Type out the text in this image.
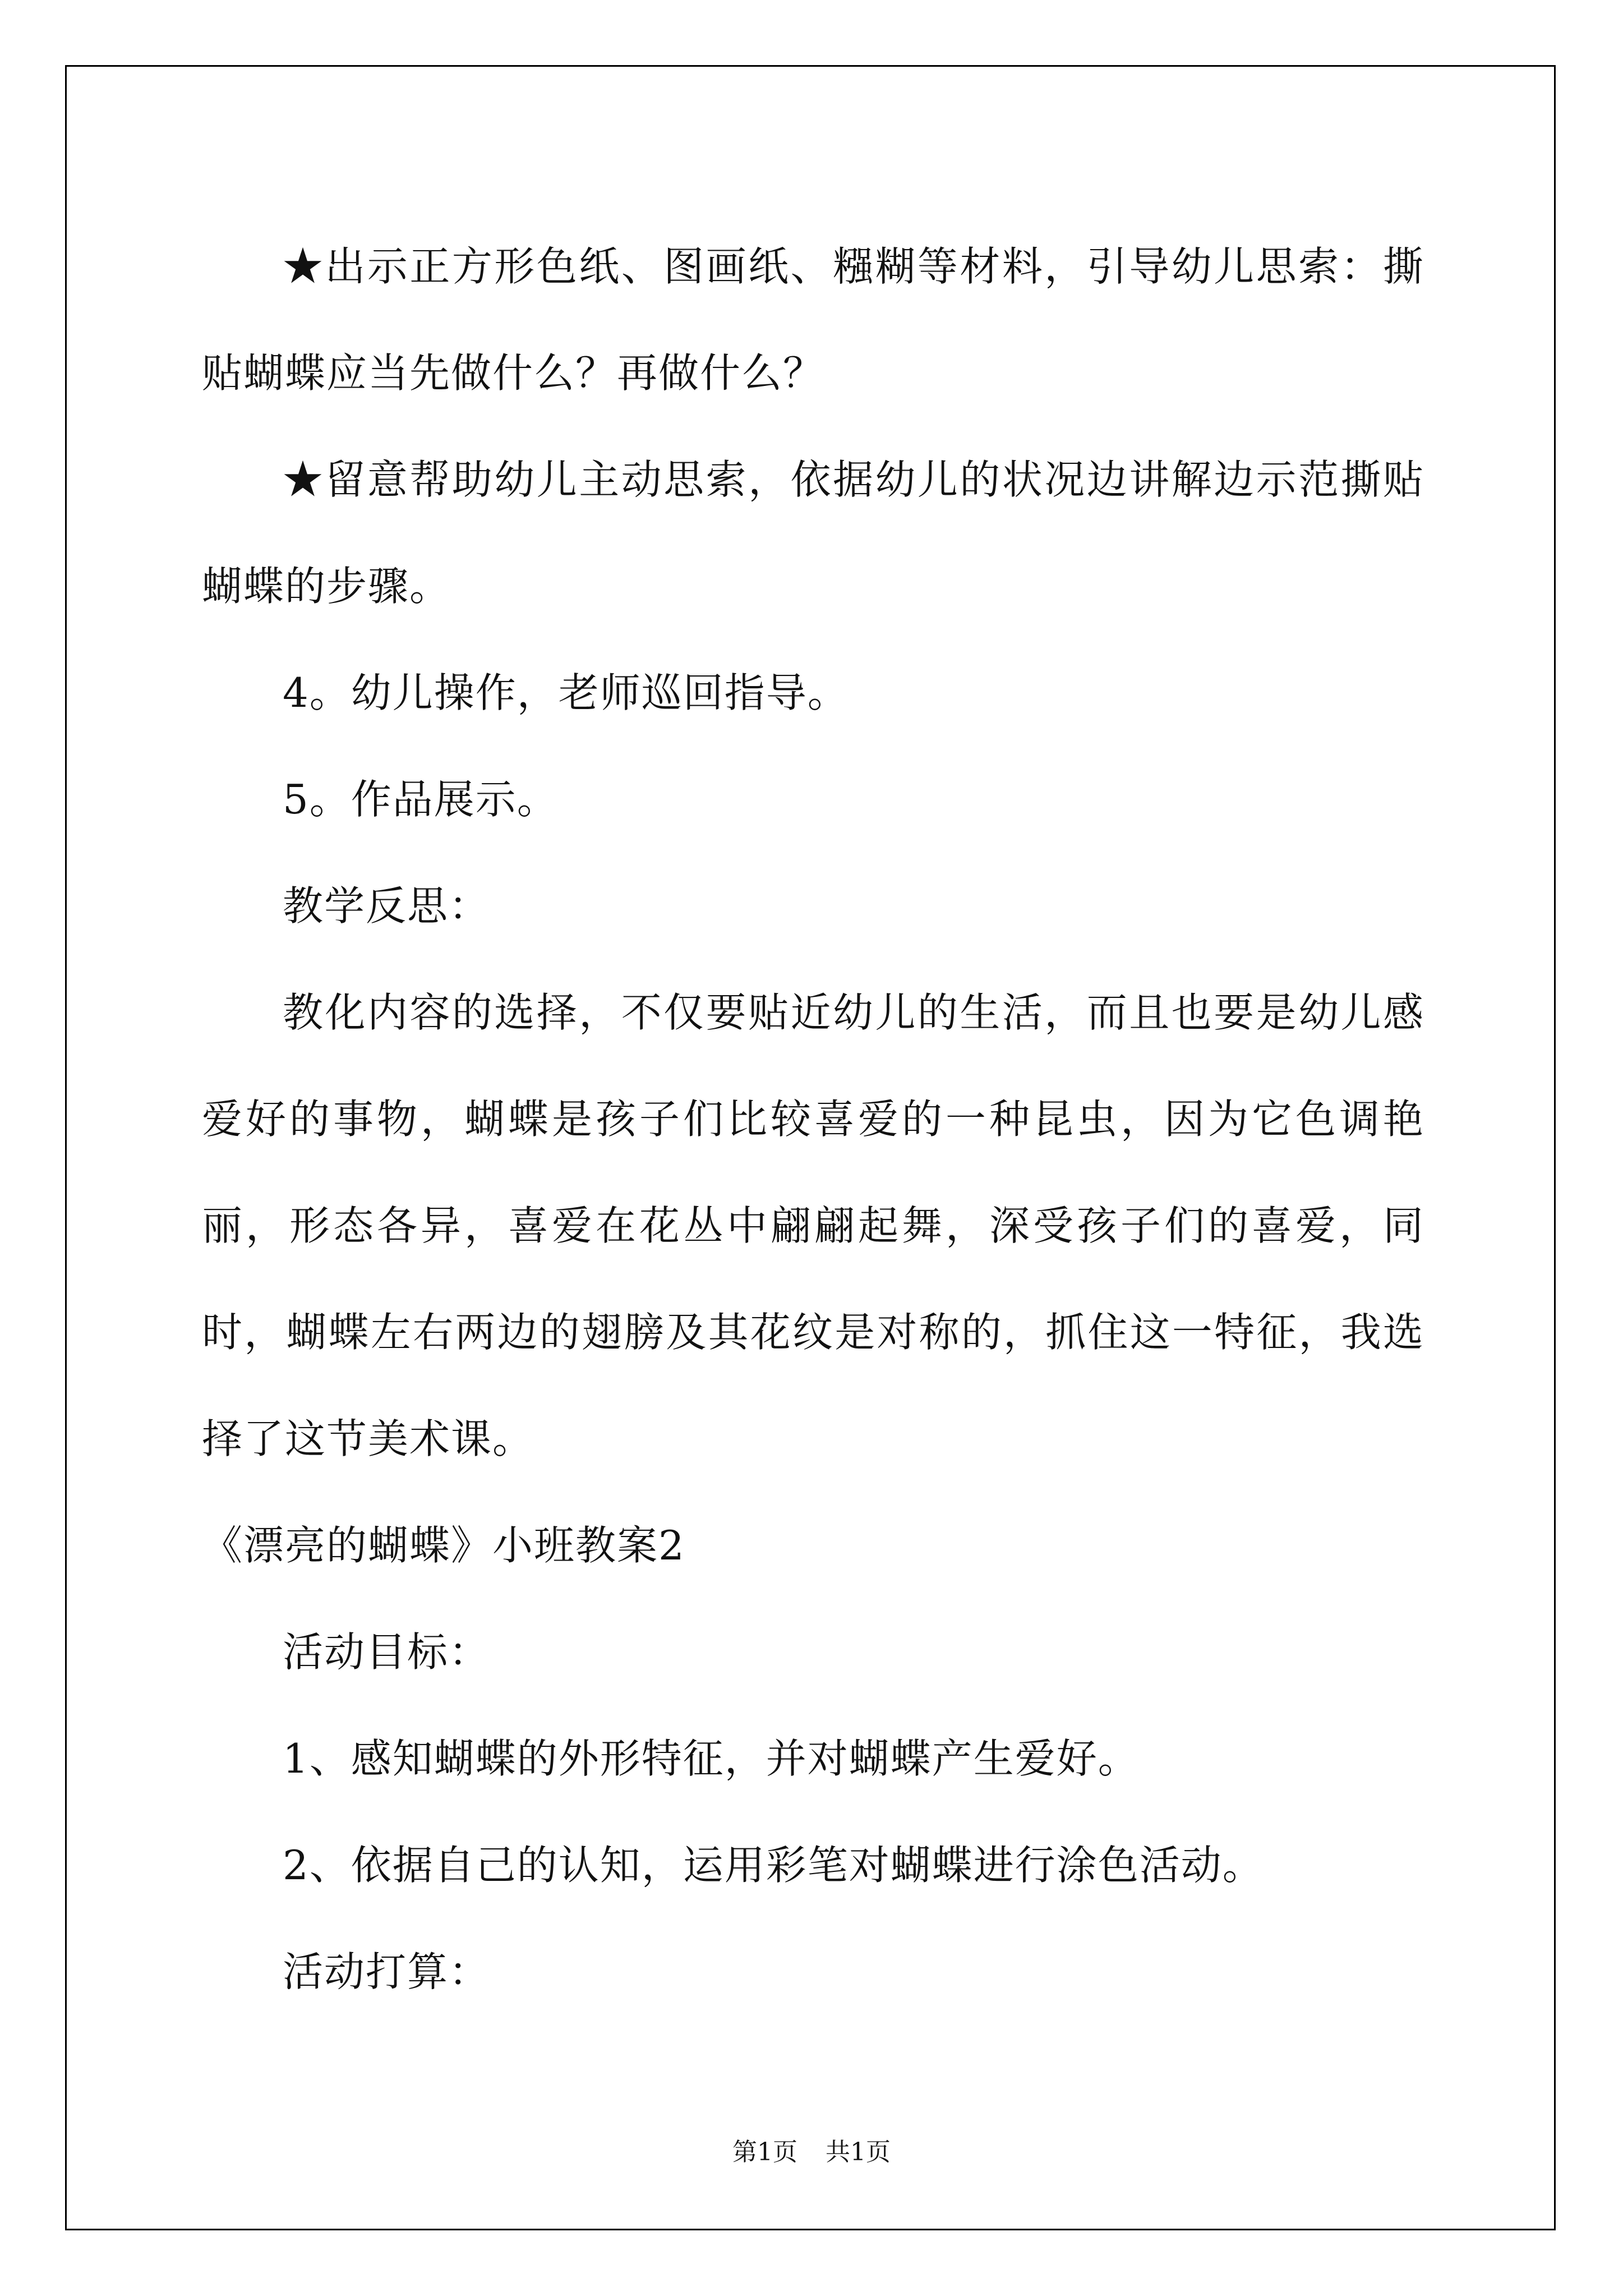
★出示正方形色纸、图画纸、糨糊等材料，引导幼儿思索：撕贴蝴蝶应当先做什么？再做什么？

★留意帮助幼儿主动思索，依据幼儿的状况边讲解边示范撕贴蝴蝶的步骤。

4。幼儿操作，老师巡回指导。

5。作品展示。

教学反思：

教化内容的选择，不仅要贴近幼儿的生活，而且也要是幼儿感爱好的事物，蝴蝶是孩子们比较喜爱的一种昆虫，因为它色调艳丽，形态各异，喜爱在花丛中翩翩起舞，深受孩子们的喜爱，同时，蝴蝶左右两边的翅膀及其花纹是对称的，抓住这一特征，我选择了这节美术课。

《漂亮的蝴蝶》小班教案2

活动目标：

1、感知蝴蝶的外形特征，并对蝴蝶产生爱好。

2、依据自己的认知，运用彩笔对蝴蝶进行涂色活动。

活动打算：

第1页 共1页
